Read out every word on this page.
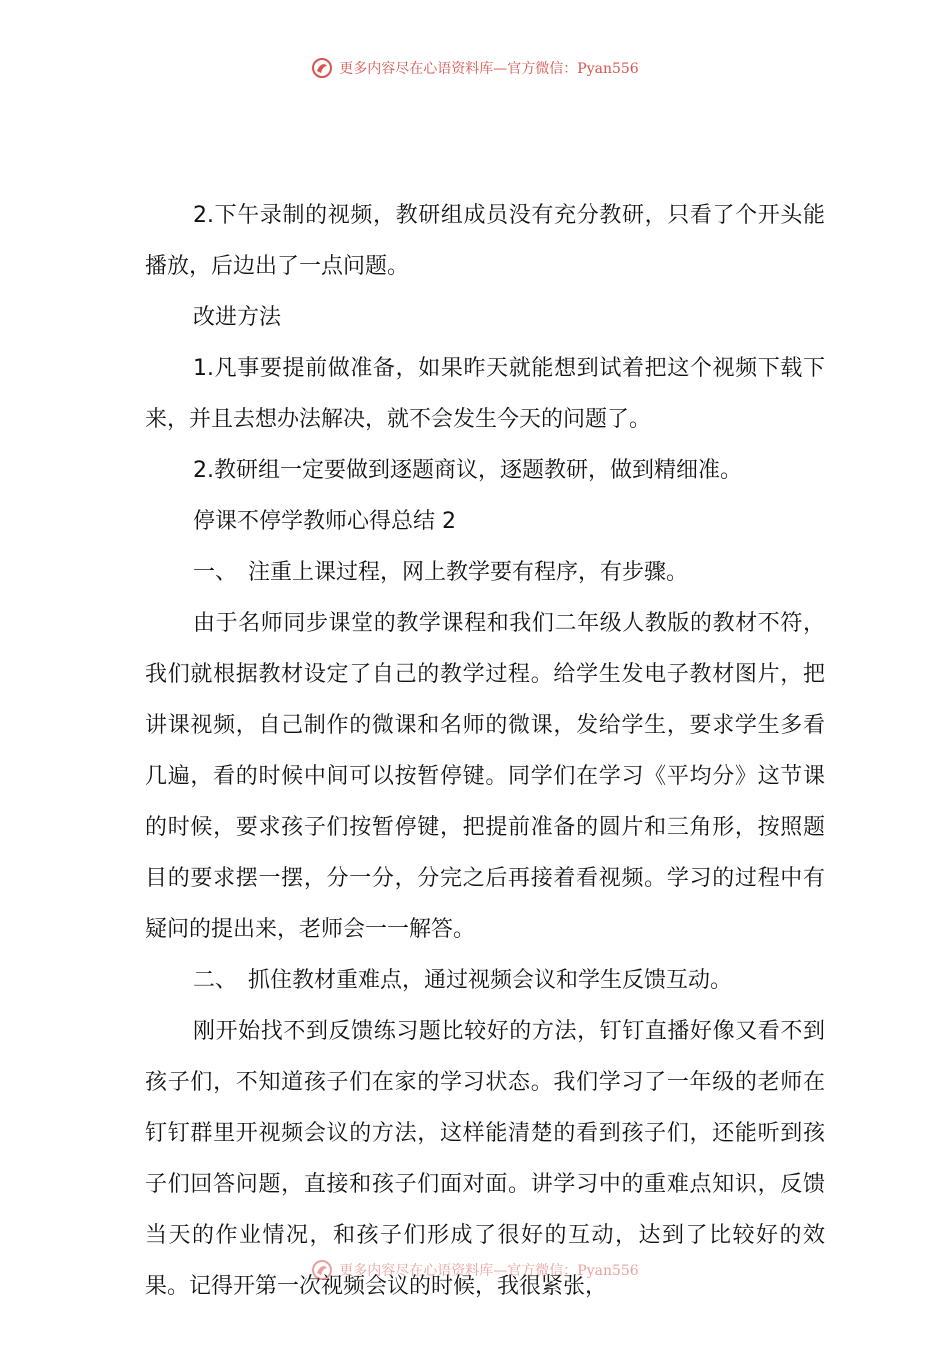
更多内容尽在心语资料库—官方微信：Pyan556

2.下午录制的视频，教研组成员没有充分教研，只看了个开头能播放，后边出了一点问题。

改进方法

1.凡事要提前做准备，如果昨天就能想到试着把这个视频下载下来，并且去想办法解决，就不会发生今天的问题了。

2.教研组一定要做到逐题商议，逐题教研，做到精细准。

停课不停学教师心得总结 2

一、　注重上课过程，网上教学要有程序，有步骤。

由于名师同步课堂的教学课程和我们二年级人教版的教材不符，我们就根据教材设定了自己的教学过程。给学生发电子教材图片，把讲课视频，自己制作的微课和名师的微课，发给学生，要求学生多看几遍，看的时候中间可以按暂停键。同学们在学习《平均分》这节课的时候，要求孩子们按暂停键，把提前准备的圆片和三角形，按照题目的要求摆一摆，分一分，分完之后再接着看视频。学习的过程中有疑问的提出来，老师会一一解答。

二、　抓住教材重难点，通过视频会议和学生反馈互动。

刚开始找不到反馈练习题比较好的方法，钉钉直播好像又看不到孩子们，不知道孩子们在家的学习状态。我们学习了一年级的老师在钉钉群里开视频会议的方法，这样能清楚的看到孩子们，还能听到孩子们回答问题，直接和孩子们面对面。讲学习中的重难点知识，反馈当天的作业情况，和孩子们形成了很好的互动，达到了比较好的效果。记得开第一次视频会议的时候，我很紧张，

更多内容尽在心语资料库—官方微信：Pyan556
